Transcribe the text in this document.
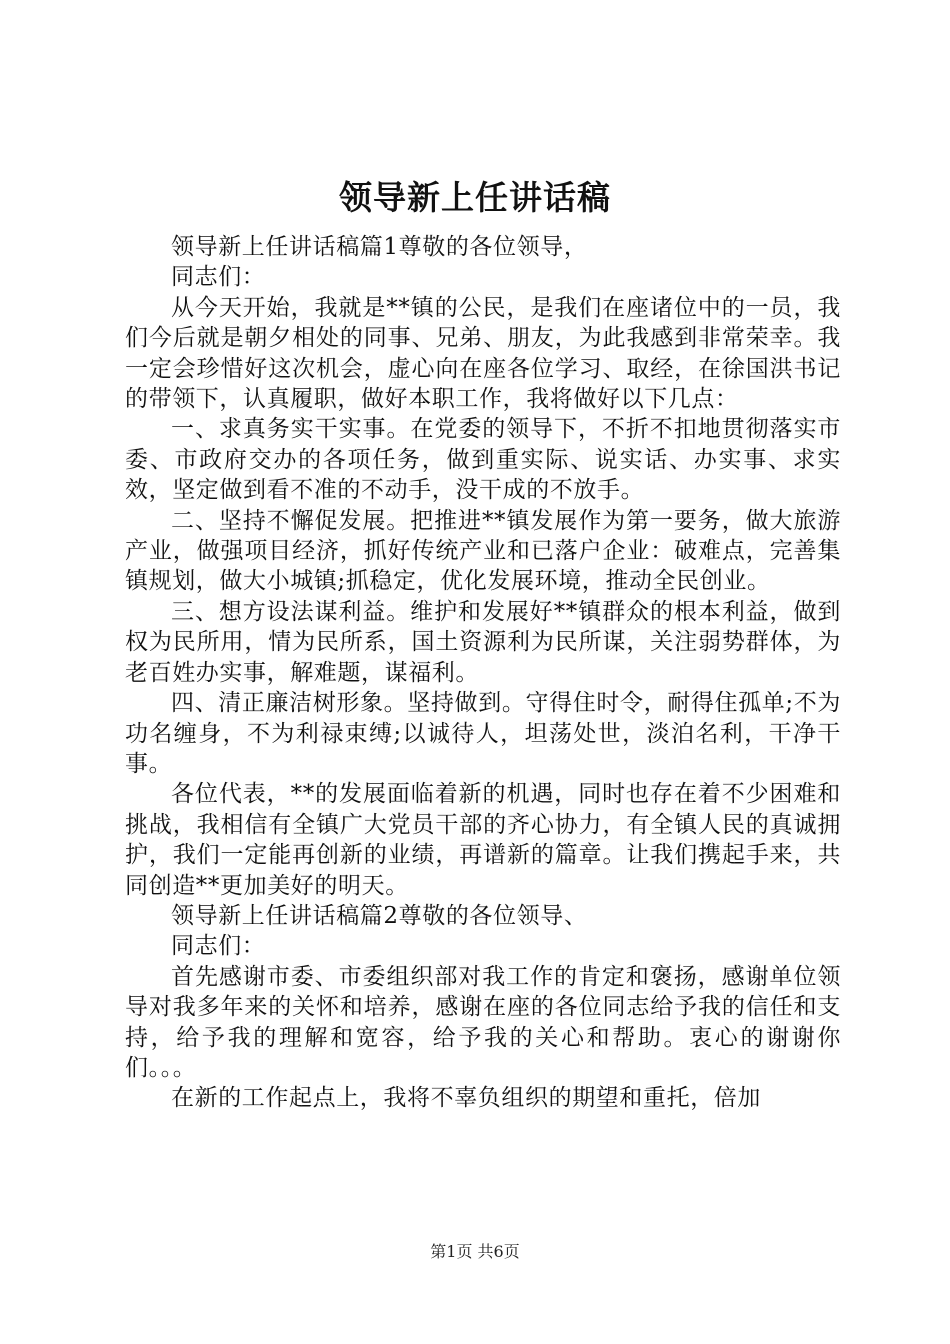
领导新上任讲话稿

领导新上任讲话稿篇1尊敬的各位领导，

同志们：

从今天开始，我就是**镇的公民，是我们在座诸位中的一员，我们今后就是朝夕相处的同事、兄弟、朋友，为此我感到非常荣幸。我一定会珍惜好这次机会，虚心向在座各位学习、取经，在徐国洪书记的带领下，认真履职，做好本职工作，我将做好以下几点：

一、求真务实干实事。在党委的领导下，不折不扣地贯彻落实市委、市政府交办的各项任务，做到重实际、说实话、办实事、求实效，坚定做到看不准的不动手，没干成的不放手。

二、坚持不懈促发展。把推进**镇发展作为第一要务，做大旅游产业，做强项目经济，抓好传统产业和已落户企业：破难点，完善集镇规划，做大小城镇;抓稳定，优化发展环境，推动全民创业。

三、想方设法谋利益。维护和发展好**镇群众的根本利益，做到权为民所用，情为民所系，国土资源利为民所谋，关注弱势群体，为老百姓办实事，解难题，谋福利。

四、清正廉洁树形象。坚持做到。守得住时令，耐得住孤单;不为功名缠身，不为利禄束缚;以诚待人，坦荡处世，淡泊名利，干净干事。

各位代表，**的发展面临着新的机遇，同时也存在着不少困难和挑战，我相信有全镇广大党员干部的齐心协力，有全镇人民的真诚拥护，我们一定能再创新的业绩，再谱新的篇章。让我们携起手来，共同创造**更加美好的明天。

领导新上任讲话稿篇2尊敬的各位领导、

同志们：

首先感谢市委、市委组织部对我工作的肯定和褒扬，感谢单位领导对我多年来的关怀和培养，感谢在座的各位同志给予我的信任和支持，给予我的理解和宽容，给予我的关心和帮助。衷心的谢谢你们。。。

在新的工作起点上，我将不辜负组织的期望和重托，倍加

第1页 共6页
